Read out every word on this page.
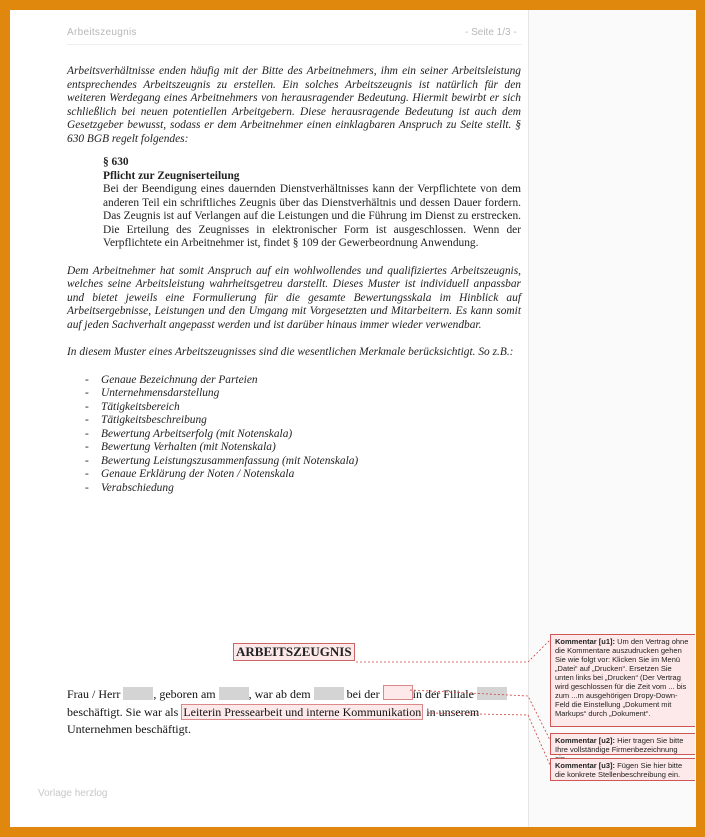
Arbeitszeugnis	- Seite 1/3 -

Arbeitsverhältnisse enden häufig mit der Bitte des Arbeitnehmers, ihm ein seiner Arbeitsleistung entsprechendes Arbeitszeugnis zu erstellen. Ein solches Arbeitszeugnis ist natürlich für den weiteren Werdegang eines Arbeitnehmers von herausragender Bedeutung. Hiermit bewirbt er sich schließlich bei neuen potentiellen Arbeitgebern. Diese herausragende Bedeutung ist auch dem Gesetzgeber bewusst, sodass er dem Arbeitnehmer einen einklagbaren Anspruch zu Seite stellt. § 630 BGB regelt folgendes:

§ 630

Pflicht zur Zeugniserteilung

Bei der Beendigung eines dauernden Dienstverhältnisses kann der Verpflichtete von dem anderen Teil ein schriftliches Zeugnis über das Dienstverhältnis und dessen Dauer fordern. Das Zeugnis ist auf Verlangen auf die Leistungen und die Führung im Dienst zu erstrecken. Die Erteilung des Zeugnisses in elektronischer Form ist ausgeschlossen. Wenn der Verpflichtete ein Arbeitnehmer ist, findet § 109 der Gewerbeordnung Anwendung.

Dem Arbeitnehmer hat somit Anspruch auf ein wohlwollendes und qualifiziertes Arbeitszeugnis, welches seine Arbeitsleistung wahrheitsgetreu darstellt. Dieses Muster ist individuell anpassbar und bietet jeweils eine Formulierung für die gesamte Bewertungsskala im Hinblick auf Arbeitsergebnisse, Leistungen und den Umgang mit Vorgesetzten und Mitarbeitern. Es kann somit auf jeden Sachverhalt angepasst werden und ist darüber hinaus immer wieder verwendbar.

In diesem Muster eines Arbeitszeugnisses sind die wesentlichen Merkmale berücksichtigt. So z.B.:

- Genaue Bezeichnung der Parteien
- Unternehmensdarstellung
- Tätigkeitsbereich
- Tätigkeitsbeschreibung
- Bewertung Arbeitserfolg (mit Notenskala)
- Bewertung Verhalten (mit Notenskala)
- Bewertung Leistungszusammenfassung (mit Notenskala)
- Genaue Erklärung der Noten / Notenskala
- Verabschiedung
ARBEITSZEUGNIS
Frau / Herr	, geboren am	, war ab dem	bei der	in der Filiale  beschäftigt. Sie war als Leiterin Pressearbeit und interne Kommunikation in unserem Unternehmen beschäftigt.
Kommentar [u1]: Um den Vertrag ohne die Kommentare auszudrucken gehen Sie wie folgt vor: Klicken Sie im Menü „Datei“ auf „Drucken“. Ersetzen Sie unten links bei „Drucken“ (Der Vertrag wird geschlossen für die Zeit vom ... bis zum ...m ausgehörigen Dropy-Down-Feld die Einstellung „Dokument mit Markups“ durch „Dokument“.
Kommentar [u2]: Hier tragen Sie bitte Ihre vollständige Firmenbezeichnung
Kommentar [u3]: Fügen Sie hier bitte die konkrete Stellenbeschreibung ein.
Vorlage herzlog
